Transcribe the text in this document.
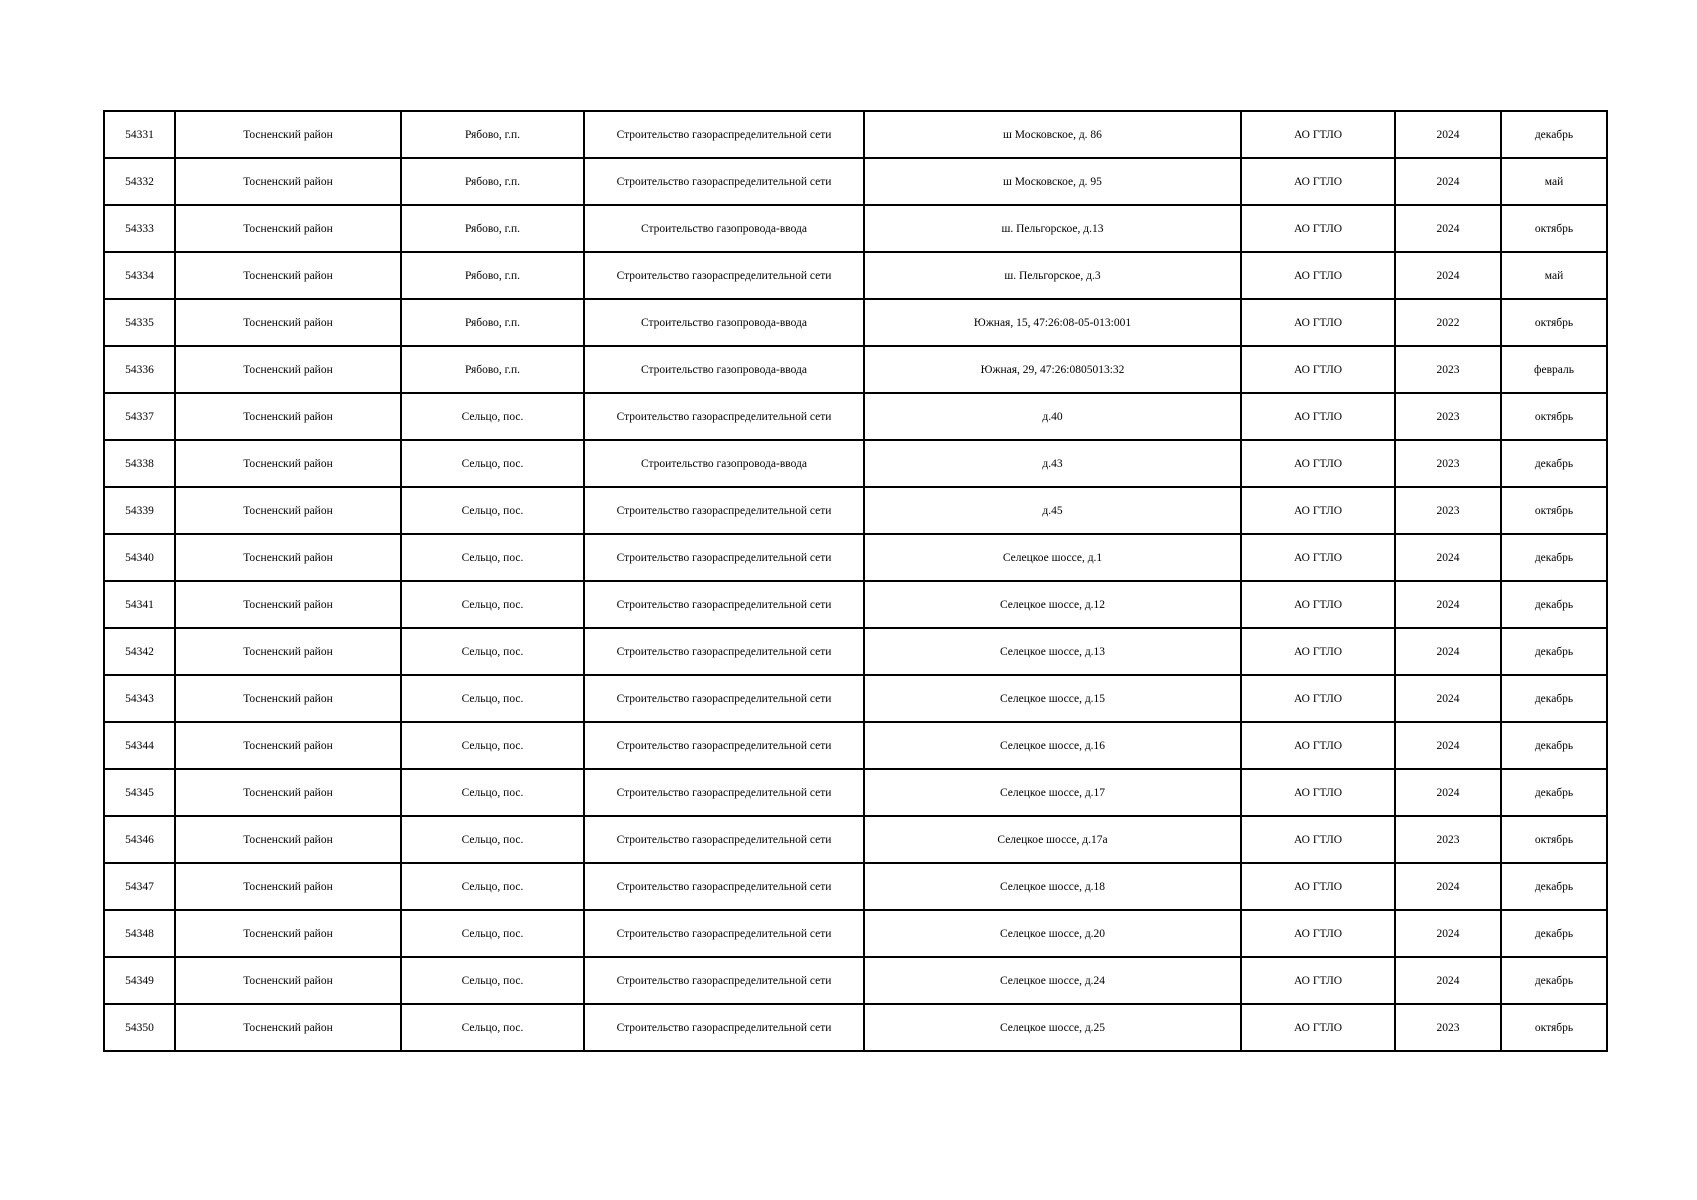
54331	Тосненский район	Рябово, г.п.	Строительство газораспределительной сети	ш Московское, д. 86	АО ГТЛО	2024	декабрь
54332	Тосненский район	Рябово, г.п.	Строительство газораспределительной сети	ш Московское, д. 95	АО ГТЛО	2024	май
54333	Тосненский район	Рябово, г.п.	Строительство газопровода-ввода	ш. Пельгорское, д.13	АО ГТЛО	2024	октябрь
54334	Тосненский район	Рябово, г.п.	Строительство газораспределительной сети	ш. Пельгорское, д.3	АО ГТЛО	2024	май
54335	Тосненский район	Рябово, г.п.	Строительство газопровода-ввода	Южная, 15, 47:26:08-05-013:001	АО ГТЛО	2022	октябрь
54336	Тосненский район	Рябово, г.п.	Строительство газопровода-ввода	Южная, 29, 47:26:0805013:32	АО ГТЛО	2023	февраль
54337	Тосненский район	Сельцо, пос.	Строительство газораспределительной сети	д.40	АО ГТЛО	2023	октябрь
54338	Тосненский район	Сельцо, пос.	Строительство газопровода-ввода	д.43	АО ГТЛО	2023	декабрь
54339	Тосненский район	Сельцо, пос.	Строительство газораспределительной сети	д.45	АО ГТЛО	2023	октябрь
54340	Тосненский район	Сельцо, пос.	Строительство газораспределительной сети	Селецкое шоссе, д.1	АО ГТЛО	2024	декабрь
54341	Тосненский район	Сельцо, пос.	Строительство газораспределительной сети	Селецкое шоссе, д.12	АО ГТЛО	2024	декабрь
54342	Тосненский район	Сельцо, пос.	Строительство газораспределительной сети	Селецкое шоссе, д.13	АО ГТЛО	2024	декабрь
54343	Тосненский район	Сельцо, пос.	Строительство газораспределительной сети	Селецкое шоссе, д.15	АО ГТЛО	2024	декабрь
54344	Тосненский район	Сельцо, пос.	Строительство газораспределительной сети	Селецкое шоссе, д.16	АО ГТЛО	2024	декабрь
54345	Тосненский район	Сельцо, пос.	Строительство газораспределительной сети	Селецкое шоссе, д.17	АО ГТЛО	2024	декабрь
54346	Тосненский район	Сельцо, пос.	Строительство газораспределительной сети	Селецкое шоссе, д.17а	АО ГТЛО	2023	октябрь
54347	Тосненский район	Сельцо, пос.	Строительство газораспределительной сети	Селецкое шоссе, д.18	АО ГТЛО	2024	декабрь
54348	Тосненский район	Сельцо, пос.	Строительство газораспределительной сети	Селецкое шоссе, д.20	АО ГТЛО	2024	декабрь
54349	Тосненский район	Сельцо, пос.	Строительство газораспределительной сети	Селецкое шоссе, д.24	АО ГТЛО	2024	декабрь
54350	Тосненский район	Сельцо, пос.	Строительство газораспределительной сети	Селецкое шоссе, д.25	АО ГТЛО	2023	октябрь
